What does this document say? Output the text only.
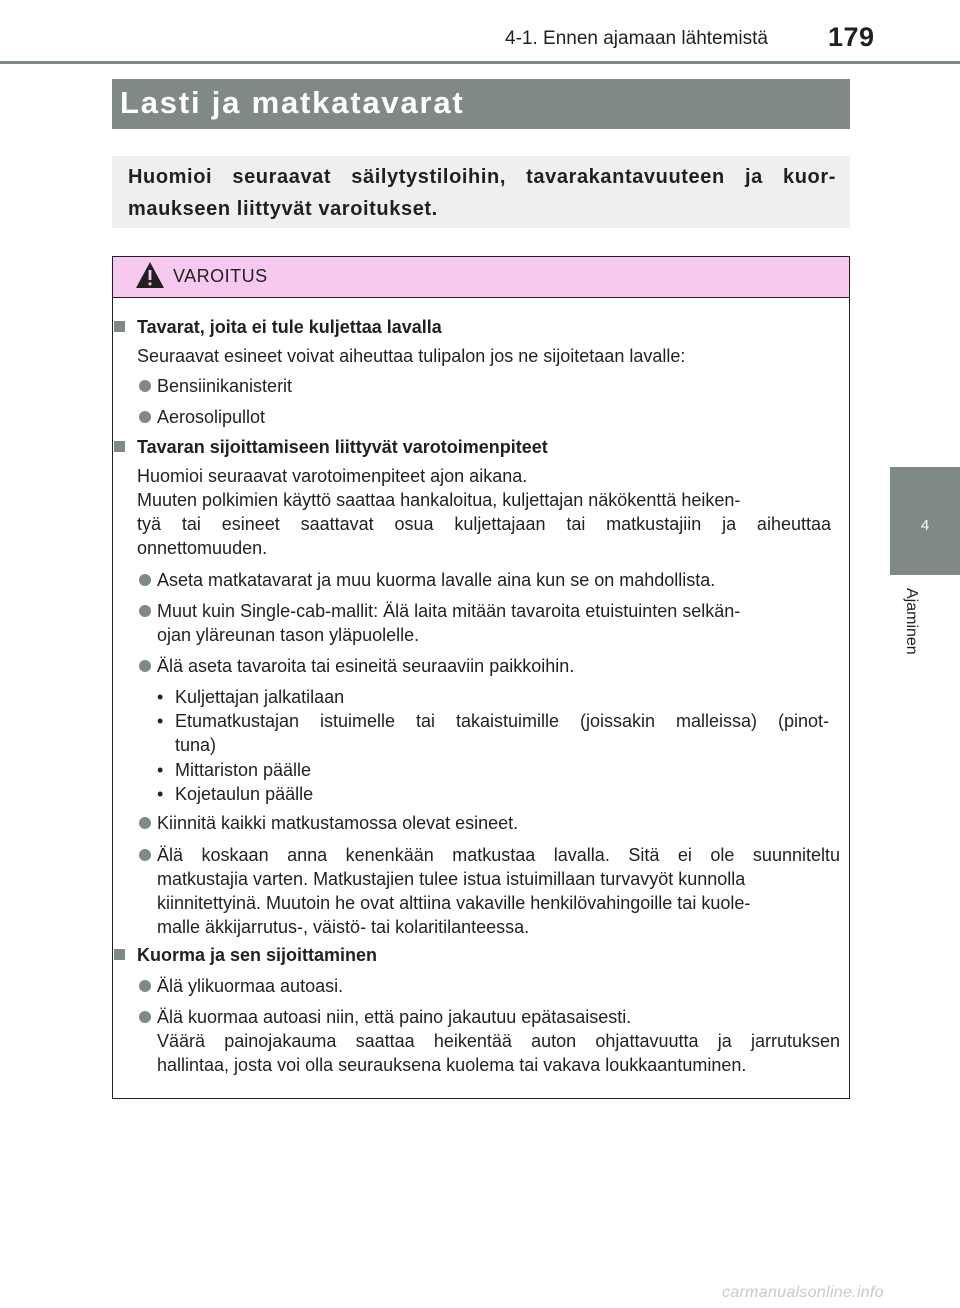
4-1. Ennen ajamaan lähtemistä 179
4
Ajaminen
Lasti ja matkatavarat

Huomioi seuraavat säilytystiloihin, tavarakantavuuteen ja kuor- maukseen liittyvät varoitukset.

VAROITUS
Tavarat, joita ei tule kuljettaa lavalla
Seuraavat esineet voivat aiheuttaa tulipalon jos ne sijoitetaan lavalle:
Bensiinikanisterit
Aerosolipullot
Tavaran sijoittamiseen liittyvät varotoimenpiteet
Huomioi seuraavat varotoimenpiteet ajon aikana.
Muuten polkimien käyttö saattaa hankaloitua, kuljettajan näkökenttä heiken-
tyä tai esineet saattavat osua kuljettajaan tai matkustajiin ja aiheuttaa
onnettomuuden.
Aseta matkatavarat ja muu kuorma lavalle aina kun se on mahdollista.
Muut kuin Single-cab-mallit: Älä laita mitään tavaroita etuistuinten selkän-
ojan yläreunan tason yläpuolelle.
Älä aseta tavaroita tai esineitä seuraaviin paikkoihin.
• Kuljettajan jalkatilaan
• Etumatkustajan istuimelle tai takaistuimille (joissakin malleissa) (pinot-
tuna)
• Mittariston päälle
• Kojetaulun päälle
Kiinnitä kaikki matkustamossa olevat esineet.
Älä koskaan anna kenenkään matkustaa lavalla. Sitä ei ole suunniteltu
matkustajia varten. Matkustajien tulee istua istuimillaan turvavyöt kunnolla
kiinnitettyinä. Muutoin he ovat alttiina vakaville henkilövahingoille tai kuole-
malle äkkijarrutus-, väistö- tai kolaritilanteessa.
Kuorma ja sen sijoittaminen
Älä ylikuormaa autoasi.
Älä kuormaa autoasi niin, että paino jakautuu epätasaisesti.
Väärä painojakauma saattaa heikentää auton ohjattavuutta ja jarrutuksen
hallintaa, josta voi olla seurauksena kuolema tai vakava loukkaantuminen.
carmanualsonline.info
